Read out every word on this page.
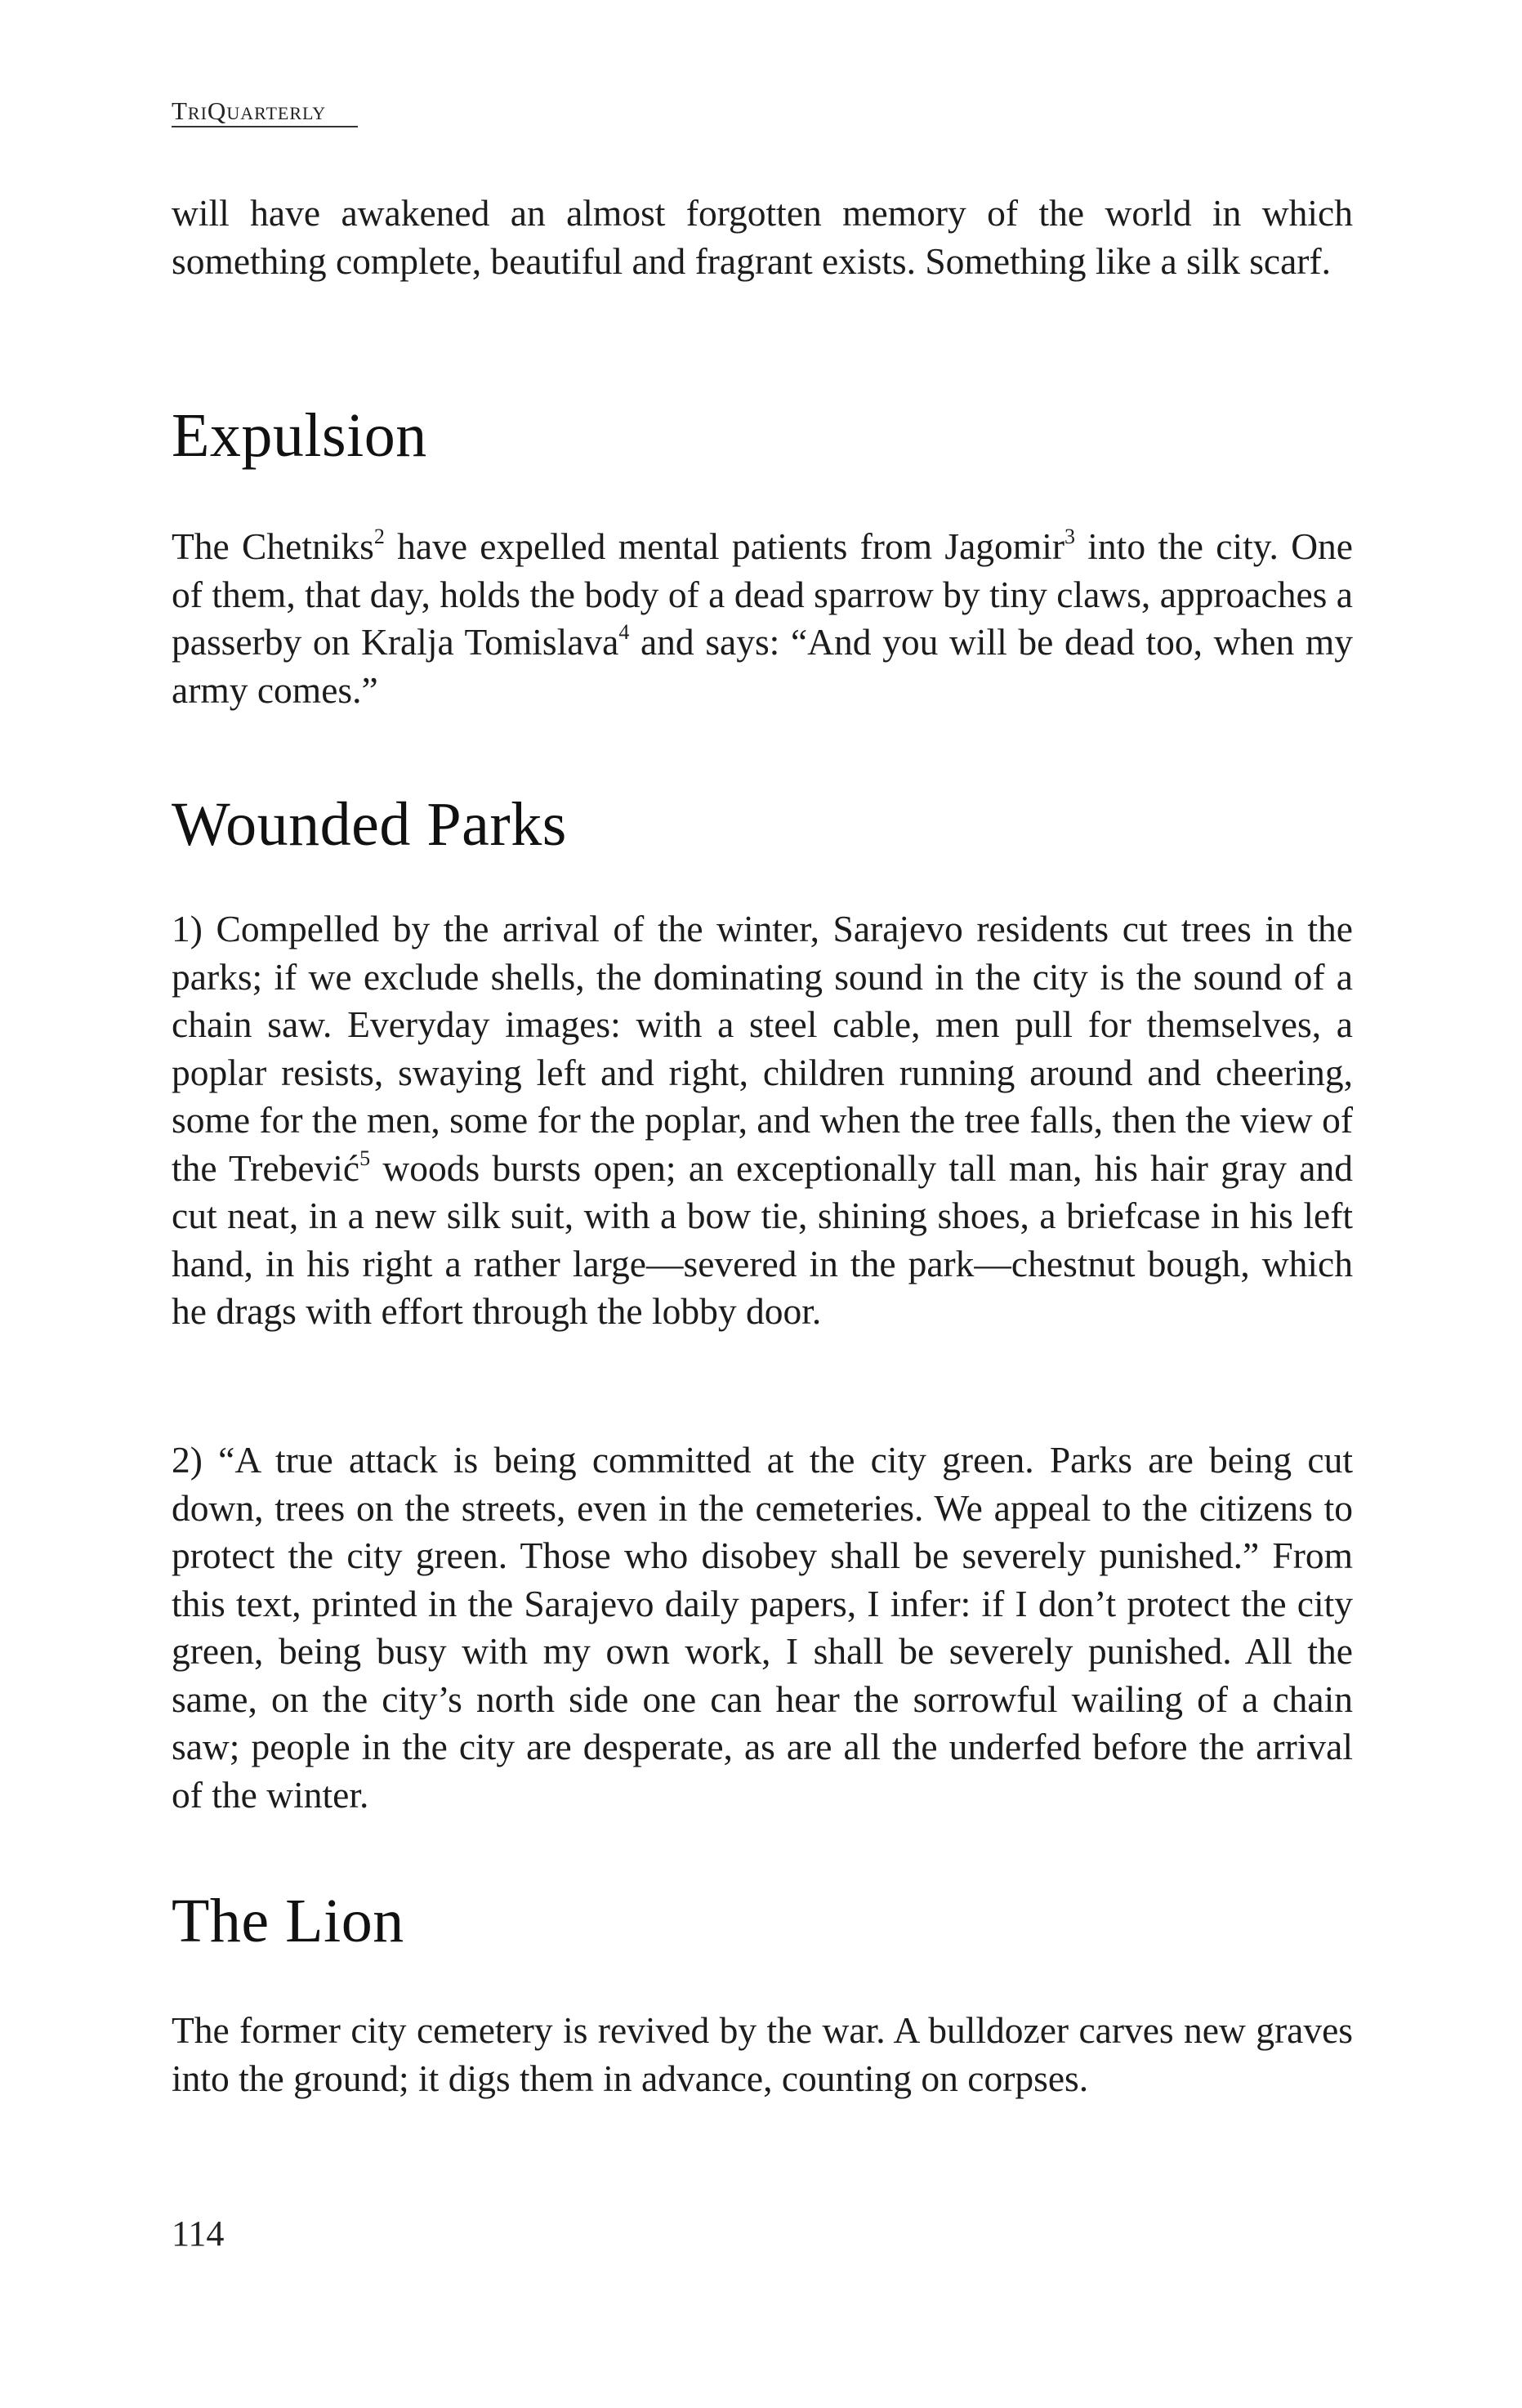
TriQuarterly

will have awakened an almost forgotten memory of the world in which something complete, beautiful and fragrant exists. Something like a silk scarf.

Expulsion

The Chetniks$^2$ have expelled mental patients from Jagomir$^3$ into the city. One of them, that day, holds the body of a dead sparrow by tiny claws, approaches a passerby on Kralja Tomislava$^4$ and says: “And you will be dead too, when my army comes.”

Wounded Parks

1) Compelled by the arrival of the winter, Sarajevo residents cut trees in the parks; if we exclude shells, the dominating sound in the city is the sound of a chain saw. Everyday images: with a steel cable, men pull for themselves, a poplar resists, swaying left and right, children running around and cheering, some for the men, some for the poplar, and when the tree falls, then the view of the Trebević$^5$ woods bursts open; an exceptionally tall man, his hair gray and cut neat, in a new silk suit, with a bow tie, shining shoes, a briefcase in his left hand, in his right a rather large—severed in the park—chestnut bough, which he drags with effort through the lobby door.

2) “A true attack is being committed at the city green. Parks are being cut down, trees on the streets, even in the cemeteries. We appeal to the citizens to protect the city green. Those who disobey shall be severely punished.” From this text, printed in the Sarajevo daily papers, I infer: if I don’t protect the city green, being busy with my own work, I shall be severely punished. All the same, on the city’s north side one can hear the sorrowful wailing of a chain saw; people in the city are desperate, as are all the underfed before the arrival of the winter.

The Lion

The former city cemetery is revived by the war. A bulldozer carves new graves into the ground; it digs them in advance, counting on corpses.

114
